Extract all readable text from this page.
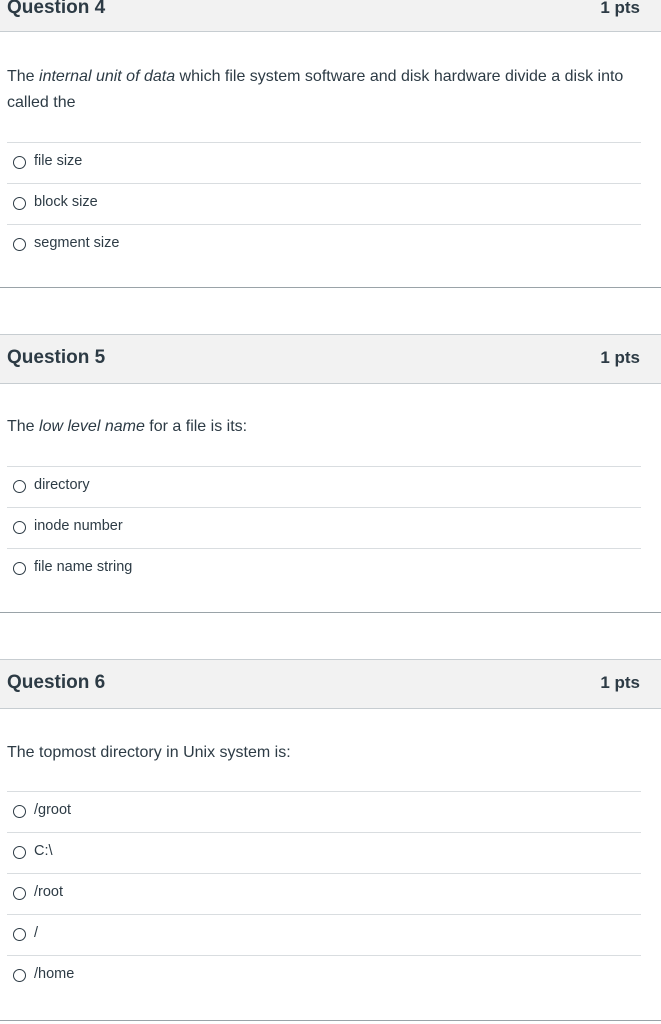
Question 4	1 pts
The internal unit of data which file system software and disk hardware divide a disk into called the
file size
block size
segment size
Question 5	1 pts
The low level name for a file is its:
directory
inode number
file name string
Question 6	1 pts
The topmost directory in Unix system is:
/groot
C:\
/root
/
/home
